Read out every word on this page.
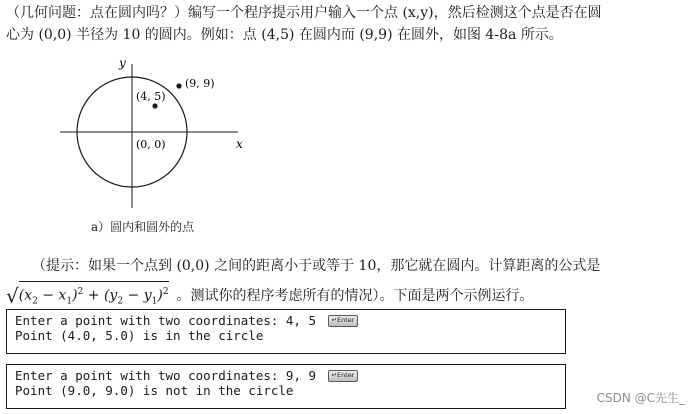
（几何问题：点在圆内吗？）编写一个程序提示用户输入一个点 (x,y)，然后检测这个点是否在圆
心为 (0,0) 半径为 10 的圆内。例如：点 (4,5) 在圆内而 (9,9) 在圆外，如图 4-8a 所示。
y
x
(0, 0)
(4, 5)
(9, 9)
a）圆内和圆外的点
（提示：如果一个点到 (0,0) 之间的距离小于或等于 10，那它就在圆内。计算距离的公式是
√ $(x_2 - x_1)^2 + (y_2 - y_1)^2$ 。测试你的程序考虑所有的情况）。下面是两个示例运行。
Enter a point with two coordinates: 4, 5	↵Enter
Point (4.0, 5.0) is in the circle
Enter a point with two coordinates: 9, 9	↵Enter
Point (9.0, 9.0) is not in the circle	CSDN @C先生_
